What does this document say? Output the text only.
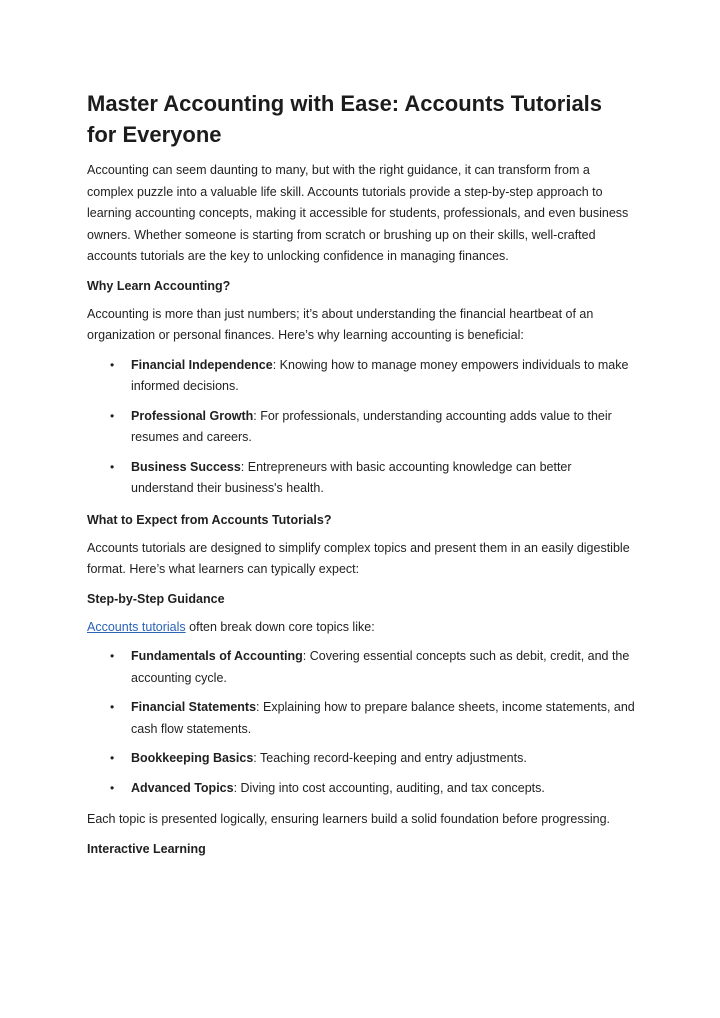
Master Accounting with Ease: Accounts Tutorials for Everyone

Accounting can seem daunting to many, but with the right guidance, it can transform from a complex puzzle into a valuable life skill. Accounts tutorials provide a step-by-step approach to learning accounting concepts, making it accessible for students, professionals, and even business owners. Whether someone is starting from scratch or brushing up on their skills, well-crafted accounts tutorials are the key to unlocking confidence in managing finances.

Why Learn Accounting?

Accounting is more than just numbers; it’s about understanding the financial heartbeat of an organization or personal finances. Here’s why learning accounting is beneficial:

• Financial Independence: Knowing how to manage money empowers individuals to make informed decisions.
• Professional Growth: For professionals, understanding accounting adds value to their resumes and careers.
• Business Success: Entrepreneurs with basic accounting knowledge can better understand their business's health.
What to Expect from Accounts Tutorials?

Accounts tutorials are designed to simplify complex topics and present them in an easily digestible format. Here’s what learners can typically expect:

Step-by-Step Guidance

Accounts tutorials often break down core topics like:

• Fundamentals of Accounting: Covering essential concepts such as debit, credit, and the accounting cycle.
• Financial Statements: Explaining how to prepare balance sheets, income statements, and cash flow statements.
• Bookkeeping Basics: Teaching record-keeping and entry adjustments.
• Advanced Topics: Diving into cost accounting, auditing, and tax concepts.

Each topic is presented logically, ensuring learners build a solid foundation before progressing.

Interactive Learning
